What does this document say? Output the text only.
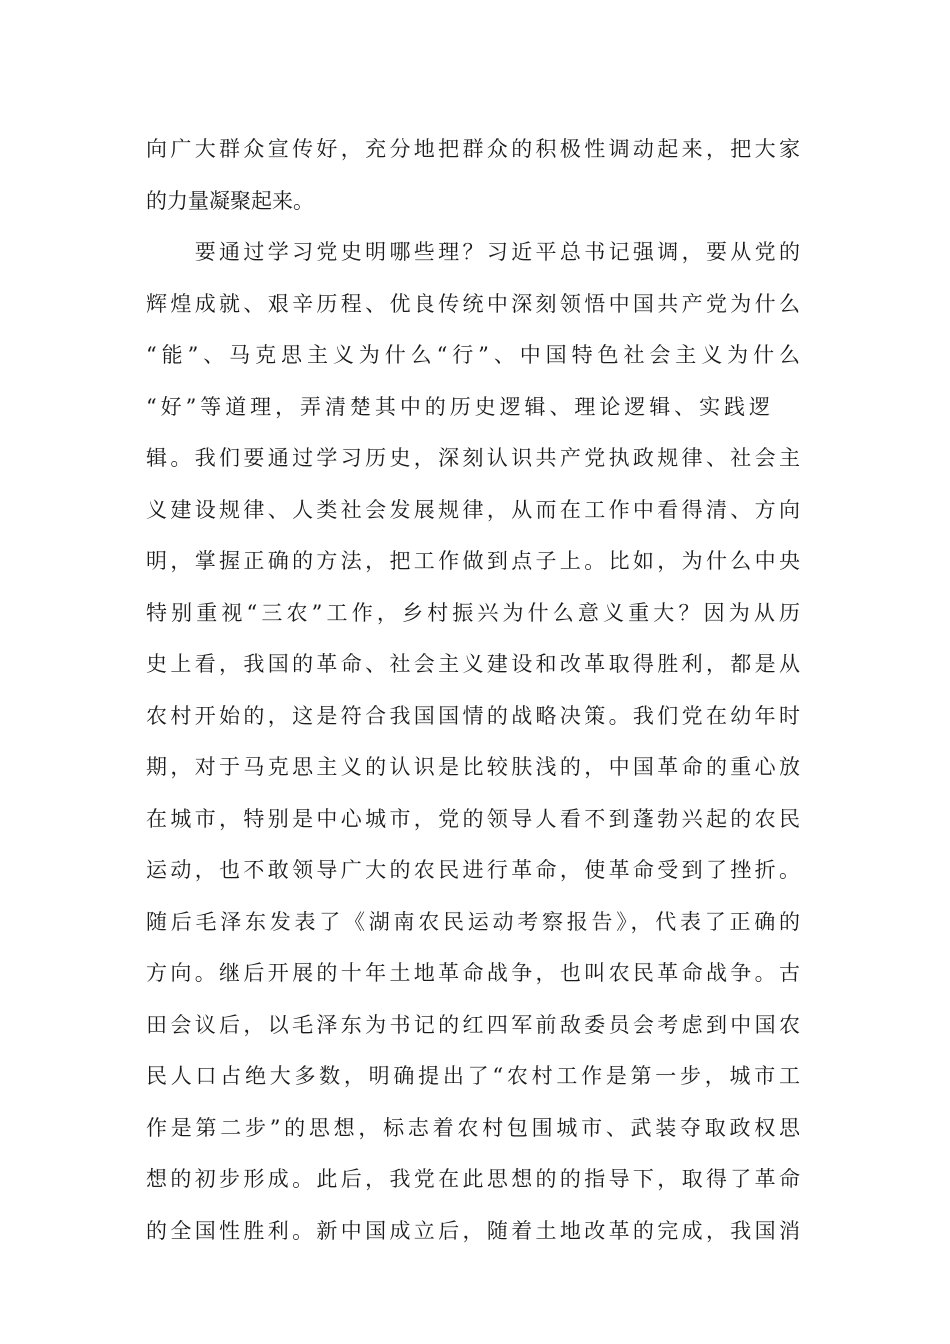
向广大群众宣传好，充分地把群众的积极性调动起来，把大家
的力量凝聚起来。
　　要通过学习党史明哪些理？习近平总书记强调，要从党的
辉煌成就、艰辛历程、优良传统中深刻领悟中国共产党为什么
“能”、马克思主义为什么“行”、中国特色社会主义为什么
“好”等道理，弄清楚其中的历史逻辑、理论逻辑、实践逻
辑。我们要通过学习历史，深刻认识共产党执政规律、社会主
义建设规律、人类社会发展规律，从而在工作中看得清、方向
明，掌握正确的方法，把工作做到点子上。比如，为什么中央
特别重视“三农”工作，乡村振兴为什么意义重大？因为从历
史上看，我国的革命、社会主义建设和改革取得胜利，都是从
农村开始的，这是符合我国国情的战略决策。我们党在幼年时
期，对于马克思主义的认识是比较肤浅的，中国革命的重心放
在城市，特别是中心城市，党的领导人看不到蓬勃兴起的农民
运动，也不敢领导广大的农民进行革命，使革命受到了挫折。
随后毛泽东发表了《湖南农民运动考察报告》，代表了正确的
方向。继后开展的十年土地革命战争，也叫农民革命战争。古
田会议后，以毛泽东为书记的红四军前敌委员会考虑到中国农
民人口占绝大多数，明确提出了“农村工作是第一步，城市工
作是第二步”的思想，标志着农村包围城市、武装夺取政权思
想的初步形成。此后，我党在此思想的的指导下，取得了革命
的全国性胜利。新中国成立后，随着土地改革的完成，我国消
